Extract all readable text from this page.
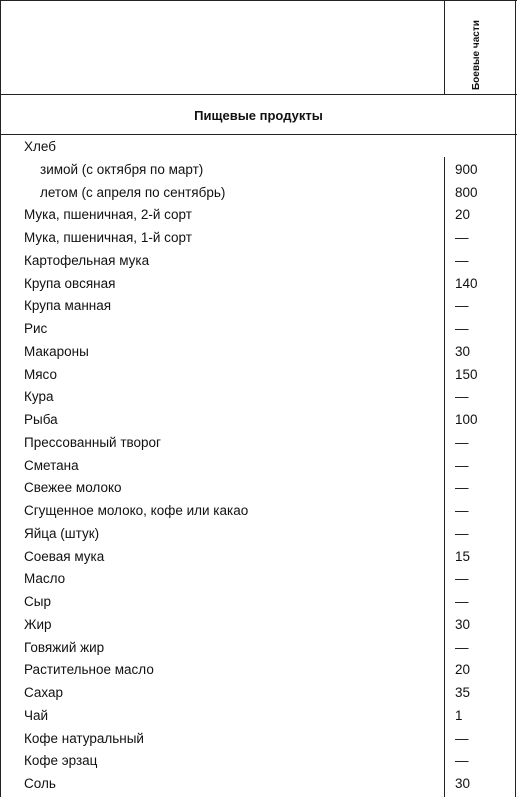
Боевые части
Пищевые продукты
Хлеб
зимой (с октября по март)	900
летом (с апреля по сентябрь)	800
Мука, пшеничная, 2-й сорт	20
Мука, пшеничная, 1-й сорт	—
Картофельная мука	—
Крупа овсяная	140
Крупа манная	—
Рис	—
Макароны	30
Мясо	150
Кура	—
Рыба	100
Прессованный творог	—
Сметана	—
Свежее молоко	—
Сгущенное молоко, кофе или какао	—
Яйца (штук)	—
Соевая мука	15
Масло	—
Сыр	—
Жир	30
Говяжий жир	—
Растительное масло	20
Сахар	35
Чай	1
Кофе натуральный	—
Кофе эрзац	—
Соль	30
